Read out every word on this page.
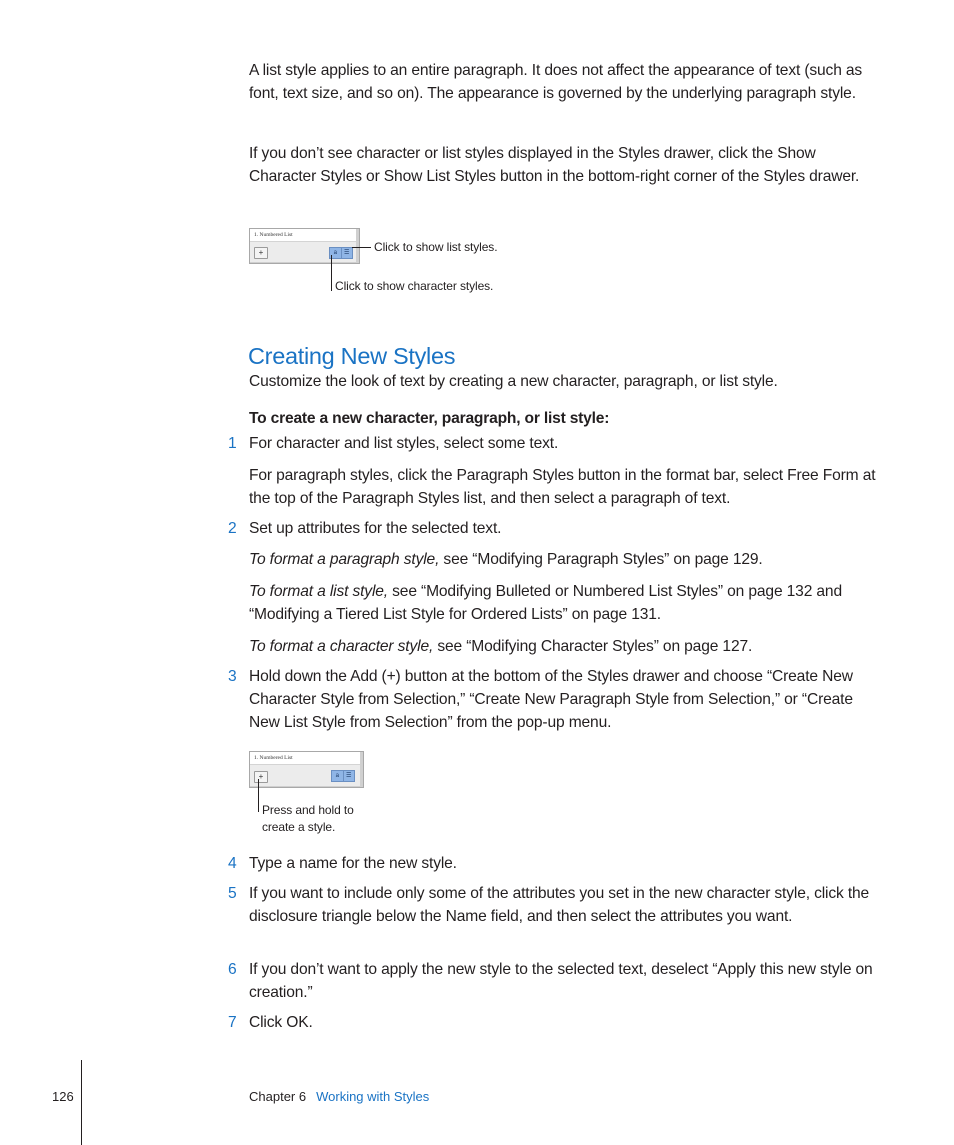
A list style applies to an entire paragraph. It does not affect the appearance of text (such as font, text size, and so on). The appearance is governed by the underlying paragraph style.

If you don’t see character or list styles displayed in the Styles drawer, click the Show Character Styles or Show List Styles button in the bottom-right corner of the Styles drawer.

1. Numbered List
+	a	☰ Click to show list styles.
Click to show character styles.
Creating New Styles

Customize the look of text by creating a new character, paragraph, or list style.

To create a new character, paragraph, or list style:

1 For character and list styles, select some text.

For paragraph styles, click the Paragraph Styles button in the format bar, select Free Form at the top of the Paragraph Styles list, and then select a paragraph of text.

2 Set up attributes for the selected text.

To format a paragraph style, see “Modifying Paragraph Styles” on page 129.

To format a list style, see “Modifying Bulleted or Numbered List Styles” on page 132 and “Modifying a Tiered List Style for Ordered Lists” on page 131.

To format a character style, see “Modifying Character Styles” on page 127.

3 Hold down the Add (+) button at the bottom of the Styles drawer and choose “Create New Character Style from Selection,” “Create New Paragraph Style from Selection,” or “Create New List Style from Selection” from the pop-up menu.

1. Numbered List
+	a	☰
Press and hold to
create a style.
4 Type a name for the new style.

5 If you want to include only some of the attributes you set in the new character style, click the disclosure triangle below the Name field, and then select the attributes you want.

6 If you don’t want to apply the new style to the selected text, deselect “Apply this new style on creation.”

7 Click OK.

126	Chapter 6 Working with Styles
